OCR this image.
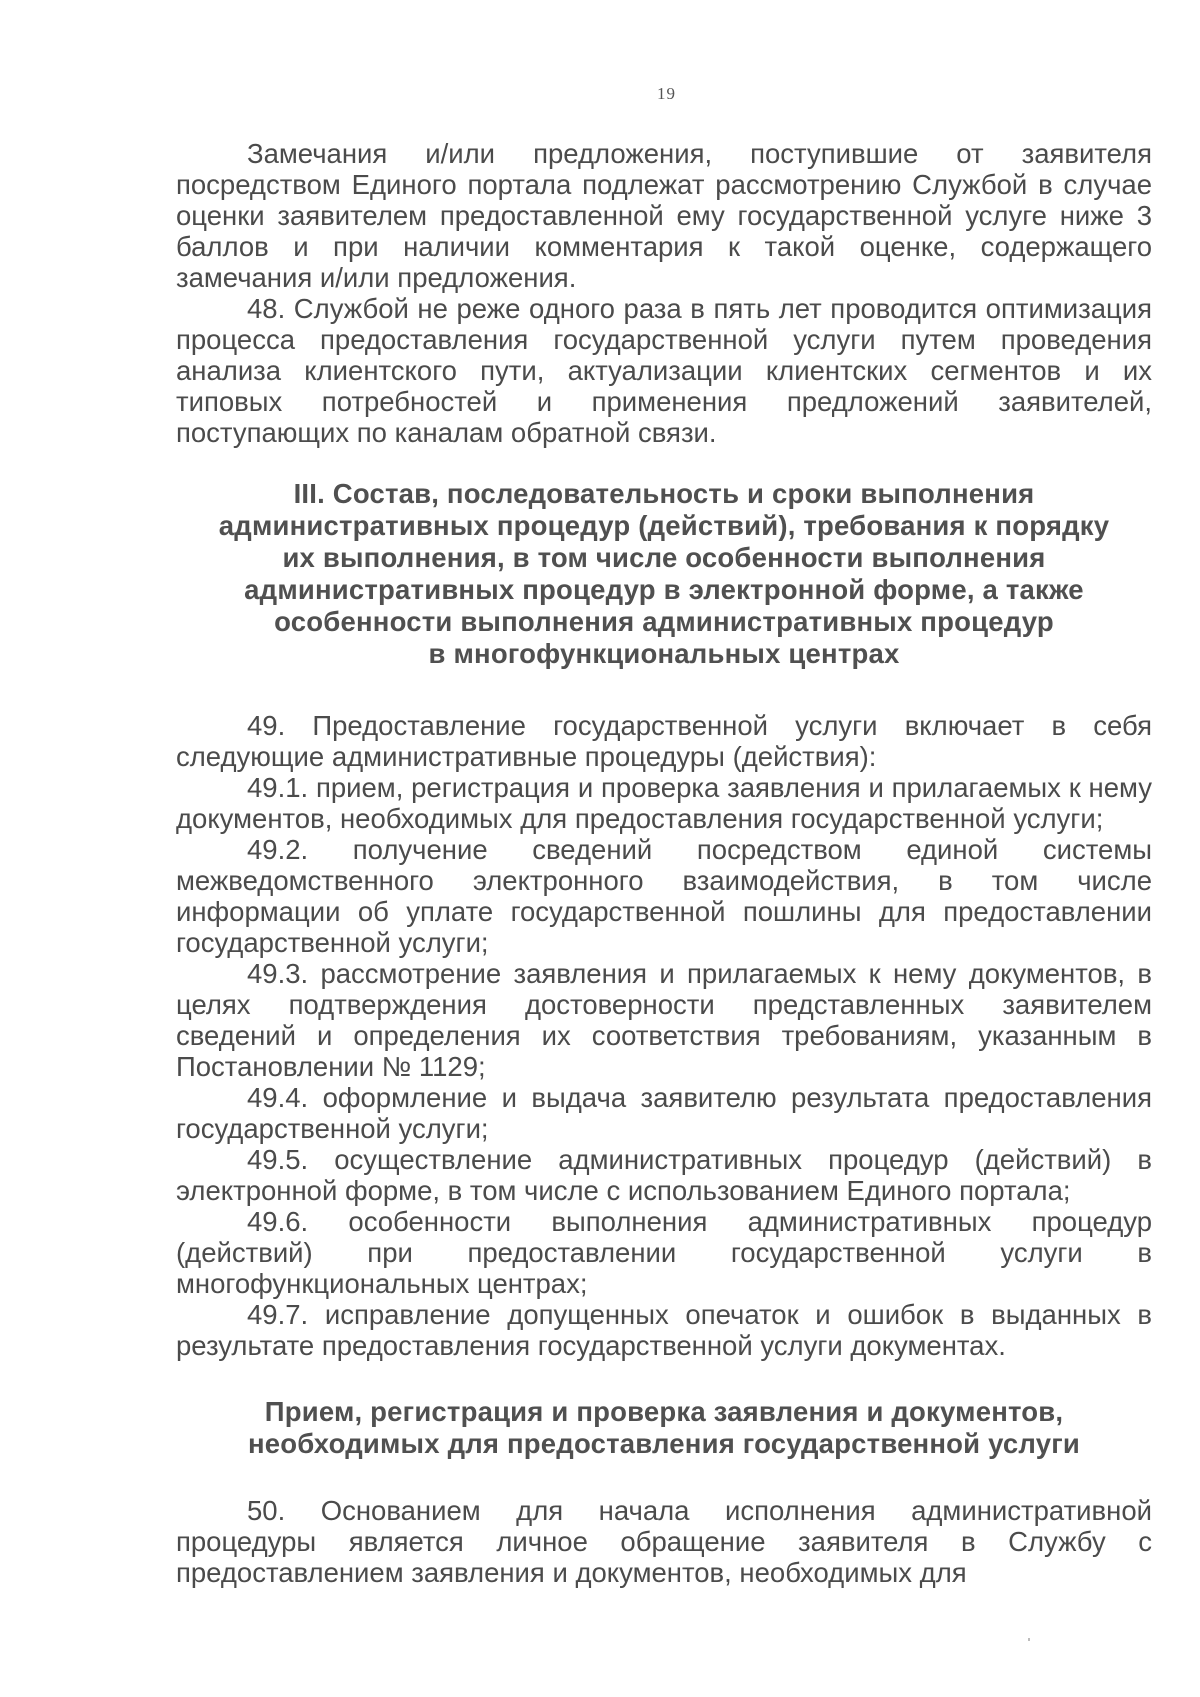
19

Замечания и/или предложения, поступившие от заявителя посредством Единого портала подлежат рассмотрению Службой в случае оценки заявителем предоставленной ему государственной услуге ниже 3 баллов и при наличии комментария к такой оценке, содержащего замечания и/или предложения.

48. Службой не реже одного раза в пять лет проводится оптимизация процесса предоставления государственной услуги путем проведения анализа клиентского пути, актуализации клиентских сегментов и их типовых потребностей и применения предложений заявителей, поступающих по каналам обратной связи.

III. Состав, последовательность и сроки выполнения

административных процедур (действий), требования к порядку

их выполнения, в том числе особенности выполнения

административных процедур в электронной форме, а также

особенности выполнения административных процедур

в многофункциональных центрах

49. Предоставление государственной услуги включает в себя следующие административные процедуры (действия):

49.1. прием, регистрация и проверка заявления и прилагаемых к нему документов, необходимых для предоставления государственной услуги;

49.2. получение сведений посредством единой системы межведомственного электронного взаимодействия, в том числе информации об уплате государственной пошлины для предоставлении государственной услуги;

49.3. рассмотрение заявления и прилагаемых к нему документов, в целях подтверждения достоверности представленных заявителем сведений и определения их соответствия требованиям, указанным в Постановлении № 1129;

49.4. оформление и выдача заявителю результата предоставления государственной услуги;

49.5. осуществление административных процедур (действий) в электронной форме, в том числе с использованием Единого портала;

49.6. особенности выполнения административных процедур (действий) при предоставлении государственной услуги в многофункциональных центрах;

49.7. исправление допущенных опечаток и ошибок в выданных в результате предоставления государственной услуги документах.

Прием, регистрация и проверка заявления и документов,

необходимых для предоставления государственной услуги

50. Основанием для начала исполнения административной процедуры является личное обращение заявителя в Службу с предоставлением заявления и документов, необходимых для
